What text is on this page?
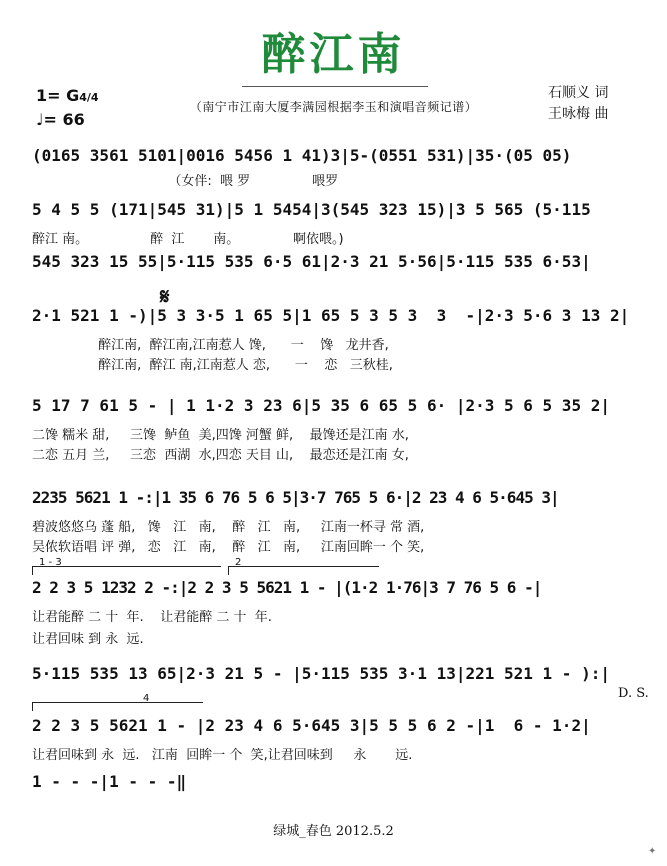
醉江南
1= G4/4
♩= 66
（南宁市江南大厦李满园根据李玉和演唱音频记谱）
石顺义 词
王咏梅 曲
(0165 3561 5101|0016 5456 1 41)3|5-(0551 531)|35·(05 05)
（女伴:  喂 罗               喂罗
5 4 5 5 (171|545 31)|5 1 5454|3(545 323 15)|3 5 565 (5·115
醉江 南。               醉  江       南。             啊依喂。)
545 323 15 55|5·115 535 6·5 61|2·3 21 5·56|5·115 535 6·53|
𝄋
2·1 521 1 -)|5 3 3·5 1 65 5|1 65 5 3 5 3  3  -|2·3 5·6 3 13 2|
醉江南,  醉江南,江南惹人 馋,      一    馋   龙井香,
醉江南,  醉江 南,江南惹人 恋,      一    恋   三秋桂,
5 17 7 61 5 - | 1 1·2 3 23 6|5 35 6 65 5 6· |2·3 5 6 5 35 2|
二馋 糯米 甜,     三馋  鲈鱼  美,四馋 河蟹 鲜,    最馋还是江南 水,
二恋 五月 兰,     三恋  西湖  水,四恋 天目 山,    最恋还是江南 女,
2235 5621 1 -:|1 35 6 76 5 6 5|3·7 765 5 6·|2 23 4 6 5·645 3|
碧波悠悠乌 蓬 船,   馋   江   南,    醉   江   南,     江南一杯寻 常 酒,
吴侬软语唱 评 弹,   恋   江   南,    醉   江   南,     江南回眸一 个 笑,
1 - 3	2
2 2 3 5 1232 2 -:|2 2 3 5 5621 1 - |(1·2 1·76|3 7 76 5 6 -|
让君能醉 二 十  年.    让君能醉 二 十  年.
让君回味 到 永  远.
5·115 535 13 65|2·3 21 5 - |5·115 535 3·1 13|221 521 1 - ):|
D. S.
4
2 2 3 5 5621 1 - |2 23 4 6 5·645 3|5 5 5 6 2 -|1  6 - 1·2|
让君回味到 永  远.   江南  回眸一 个  笑,让君回味到     永       远.
1 - - -|1 - - -‖
绿城_春色 2012.5.2
✦
